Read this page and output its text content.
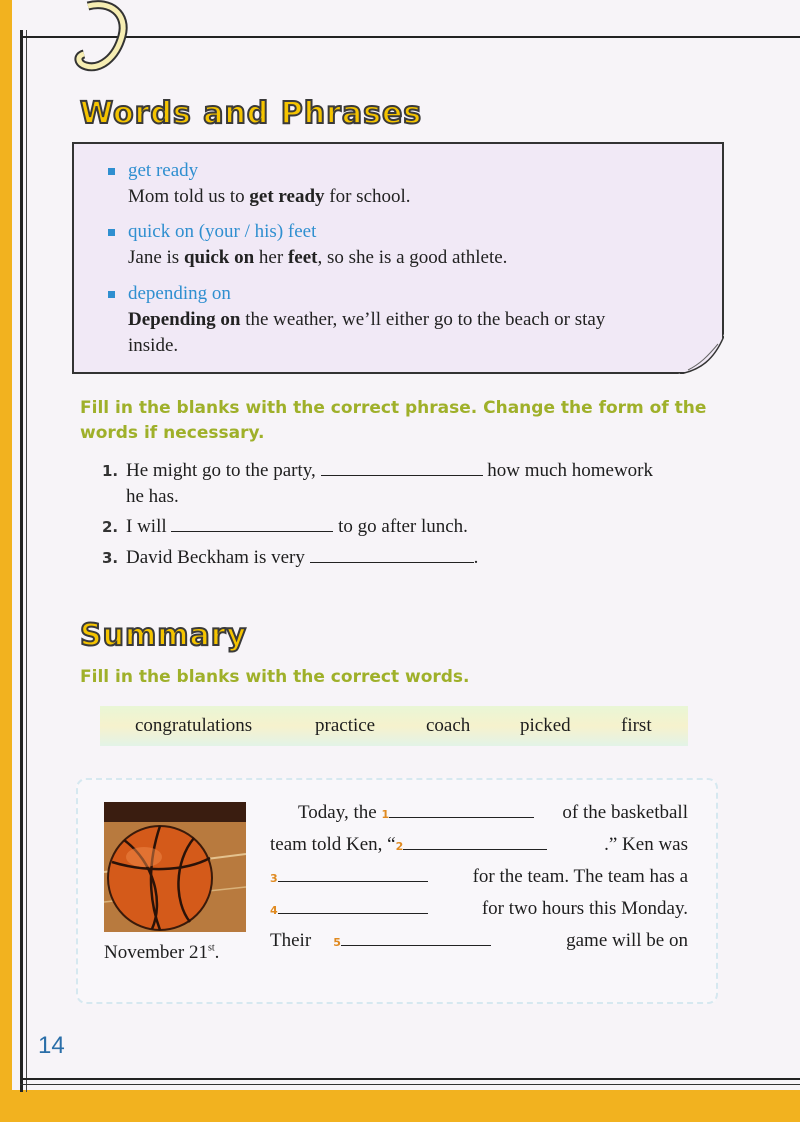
Words and Phrases
get ready
Mom told us to get ready for school.
quick on
(your / his) feet
Jane is quick on her feet, so she is a good athlete.
depending on
Depending on the weather, we’ll either go to the beach or stay
inside.
Fill in the blanks with the correct phrase. Change the form of the words if necessary.
1. He might go to the party,	how much homework
he has.
2. I will	to go after lunch.
3. David Beckham is very	.
Summary
Fill in the blanks with the correct words.
congratulations	practice	coach	picked	first
Today, the 1	of the basketball
team told Ken, “2	.” Ken was
3	for the team. The team has a
4	for two hours this Monday.
Their 5	game will be on
November 21st.
14
